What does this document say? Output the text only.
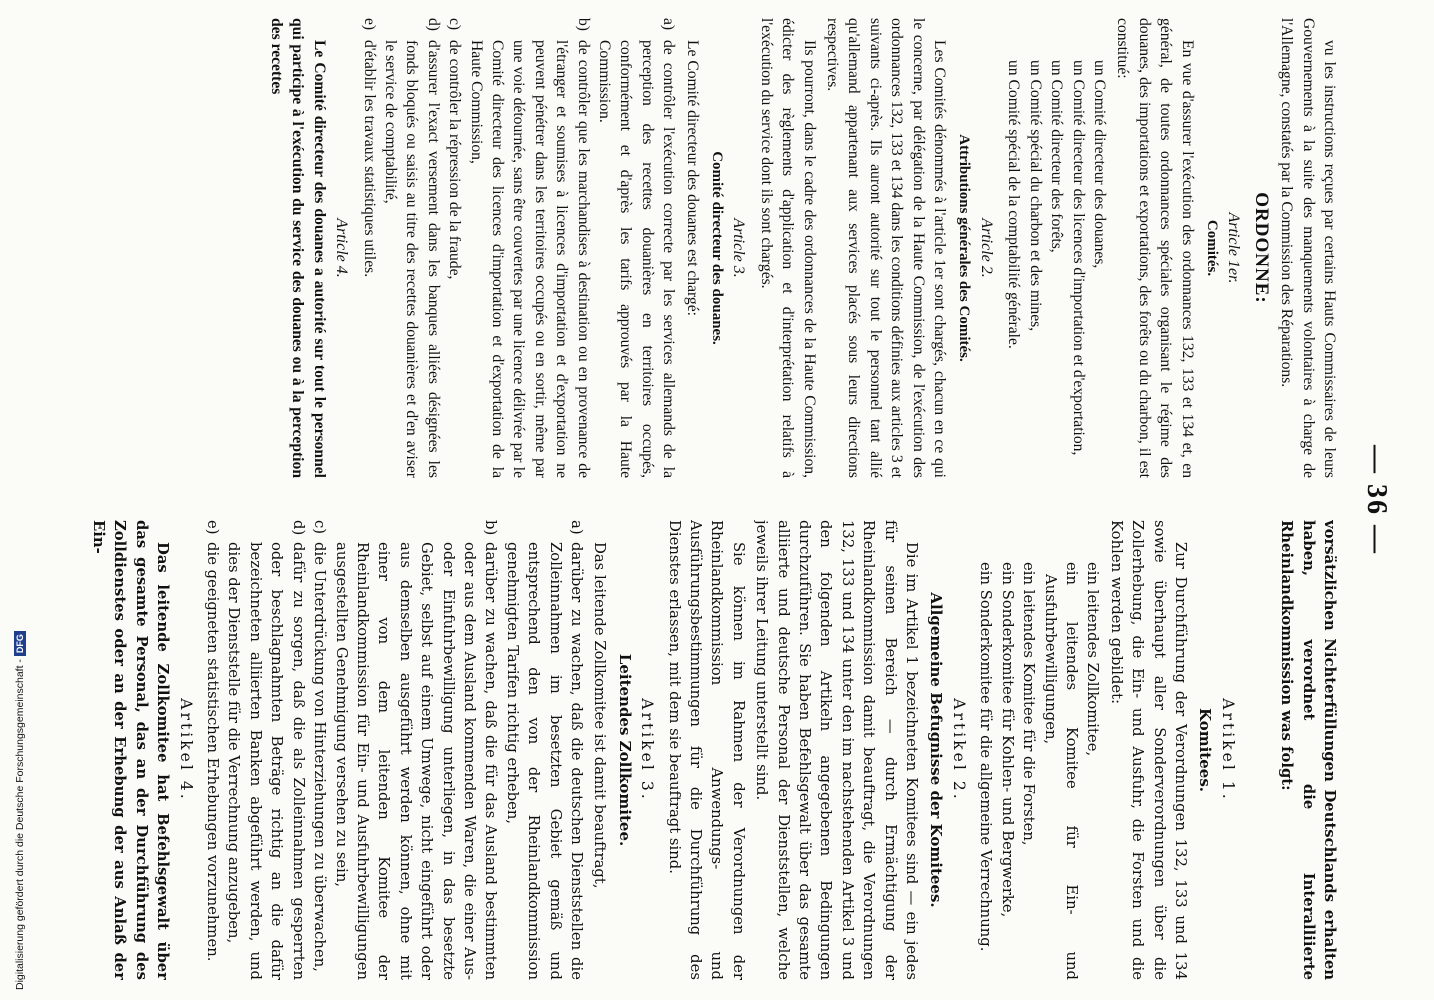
— 36 —

vu les instructions reçues par certains Hauts Commissaires de leurs Gouvernements à la suite des manquements volontaires à charge de l'Allemagne, constatés par la Commission des Réparations.

ORDONNE:
Article 1er.
Comités.

En vue d'assurer l'exécution des ordonnances 132, 133 et 134 et, en général, de toutes ordonnances spéciales organisant le régime des douanes, des importations et exportations, des forêts ou du charbon, il est constitué:

un Comité directeur des douanes,
un Comité directeur des licences d'importation et d'exportation,
un Comité directeur des forêts,
un Comité spécial du charbon et des mines,
un Comité spécial de la comptabilité générale.
Article 2.
Attributions générales des Comités.

Les Comités dénommés à l'article 1er sont chargés, chacun en ce qui le concerne, par délégation de la Haute Commission, de l'exécution des ordonnances 132, 133 et 134 dans les conditions définies aux articles 3 et suivants ci-après. Ils auront autorité sur tout le personnel tant allié qu'allemand appartenant aux services placés sous leurs directions respectives.

Ils pourront, dans le cadre des ordonnances de la Haute Commission, édicter des règlements d'application et d'interprétation relatifs à l'exécution du service dont ils sont chargés.

Article 3.
Comité directeur des douanes.

Le Comité directeur des douanes est chargé:

a)de contrôler l'exécution correcte par les services allemands de la perception des recettes douanières en territoires occupés, conformément et d'après les tarifs approuvés par la Haute Commission.
b)de contrôler que les marchandises à destination ou en provenance de l'étranger et soumises à licences d'importation et d'exportation ne peuvent pénétrer dans les territoires occupés ou en sortir, même par une voie détournée, sans être couvertes par une licence délivrée par le Comité directeur des licences d'importation et d'exportation de la Haute Commission,
c)de contrôler la répression de la fraude,
d)d'assurer l'exact versement dans les banques alliées désignées les fonds bloqués ou saisis au titre des recettes douanières et d'en aviser le service de comptabilité,
e)d'établir les travaux statistiques utiles.
Article 4.

Le Comité directeur des douanes a autorité sur tout le personnel qui participe à l'exécution du service des douanes ou à la perception des recettes

vorsätzlichen Nichterfüllungen Deutschlands erhalten haben, verordnet die Interalliierte Rheinlandkommission was folgt:

Artikel 1.
Komitees.

Zur Durchführung der Verordnungen 132, 133 und 134 sowie überhaupt aller Sonderverordnungen über die Zollerhebung, die Ein- und Ausfuhr, die Forsten und die Kohlen werden gebildet:

ein leitendes Zollkomitee,
ein leitendes Komitee für Ein- und Ausfuhrbewilligungen,
ein leitendes Komitee für die Forsten,
ein Sonderkomitee für Kohlen- und Bergwerke,
ein Sonderkomitee für die allgemeine Verrechnung.
Artikel 2.
Allgemeine Befugnisse der Komitees.

Die im Artikel 1 bezeichneten Komitees sind — ein jedes für seinen Bereich — durch Ermächtigung der Rheinlandkommission damit beauftragt, die Verordnungen 132, 133 und 134 unter den im nachstehenden Artikel 3 und den folgenden Artikeln angegebenen Bedingungen durchzuführen. Sie haben Befehlsgewalt über das gesamte alliierte und deutsche Personal der Dienststellen, welche jeweils ihrer Leitung unterstellt sind.

Sie können im Rahmen der Verordnungen der Rheinlandkommission Anwendungs- und Ausführungsbestimmungen für die Durchführung des Dienstes erlassen, mit dem sie beauftragt sind.

Artikel 3.
Leitendes Zollkomitee.

Das leitende Zollkomitee ist damit beauftragt,

a)darüber zu wachen, daß die deutschen Dienststellen die Zolleinnahmen im besetzten Gebiet gemäß und entsprechend den von der Rheinlandkommission genehmigten Tarifen richtig erheben,
b)darüber zu wachen, daß die für das Ausland bestimmten oder aus dem Ausland kommenden Waren, die einer Aus- oder Einfuhrbewilligung unterliegen, in das besetzte Gebiet, selbst auf einem Umwege, nicht eingeführt oder aus demselben ausgeführt werden können, ohne mit einer von dem leitenden Komitee der Rheinlandkommission für Ein- und Ausfuhrbewilligungen ausgestellten Genehmigung versehen zu sein,
c)die Unterdrückung von Hinterziehungen zu überwachen,
d)dafür zu sorgen, daß die als Zolleinnahmen gesperrten oder beschlagnahmten Beträge richtig an die dafür bezeichneten alliierten Banken abgeführt werden, und dies der Dienststelle für die Verrechnung anzugeben,
e)die geeigneten statistischen Erhebungen vorzunehmen.
Artikel 4.

Das leitende Zollkomitee hat Befehlsgewalt über das gesamte Personal, das an der Durchführung des Zolldienstes oder an der Erhebung der aus Anlaß der Ein-

Digitalisierung gefördert durch die Deutsche Forschungsgemeinschaft -DFG
